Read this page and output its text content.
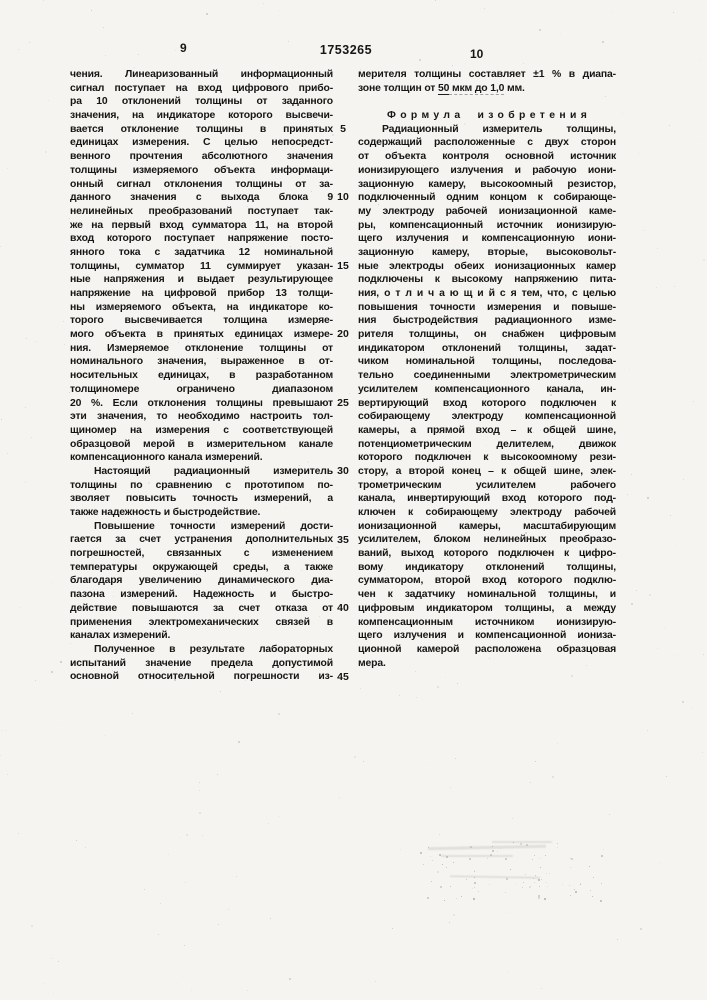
9	1753265	10
чения. Линеаризованный информационный
сигнал поступает на вход цифрового прибо-
ра 10 отклонений толщины от заданного
значения, на индикаторе которого высвечи-
вается отклонение толщины в принятых
единицах измерения. С целью непосредст-
венного прочтения абсолютного значения
толщины измеряемого объекта информаци-
онный сигнал отклонения толщины от за-
данного значения с выхода блока 9
нелинейных преобразований поступает так-
же на первый вход сумматора 11, на второй
вход которого поступает напряжение посто-
янного тока с задатчика 12 номинальной
толщины, сумматор 11 суммирует указан-
ные напряжения и выдает результирующее
напряжение на цифровой прибор 13 толщи-
ны измеряемого объекта, на индикаторе ко-
торого высвечивается толщина измеряе-
мого объекта в принятых единицах измере-
ния. Измеряемое отклонение толщины от
номинального значения, выраженное в от-
носительных единицах, в разработанном
толщиномере ограничено диапазоном
20 %. Если отклонения толщины превышают
эти значения, то необходимо настроить тол-
щиномер на измерения с соответствующей
образцовой мерой в измерительном канале
компенсационного канала измерений.
Настоящий радиационный измеритель
толщины по сравнению с прототипом по-
зволяет повысить точность измерений, а
также надежность и быстродействие.
Повышение точности измерений дости-
гается за счет устранения дополнительных
погрешностей, связанных с изменением
температуры окружающей среды, а также
благодаря увеличению динамического диа-
пазона измерений. Надежность и быстро-
действие повышаются за счет отказа от
применения электромеханических связей в
каналах измерений.
Полученное в результате лабораторных
испытаний значение предела допустимой
основной относительной погрешности из-
5
10
15
20
25
30
35
40
45
мерителя толщины составляет ±1 % в диапа-
зоне толщин от 50 мкм до 1,0 мм.
Формула изобретения
Радиационный измеритель толщины,
содержащий расположенные с двух сторон
от объекта контроля основной источник
ионизирующего излучения и рабочую иони-
зационную камеру, высокоомный резистор,
подключенный одним концом к собирающе-
му электроду рабочей ионизационной каме-
ры, компенсационный источник ионизирую-
щего излучения и компенсационную иони-
зационную камеру, вторые, высоковольт-
ные электроды обеих ионизационных камер
подключены к высокому напряжению пита-
ния, о т л и ч а ю щ и й с я тем, что, с целью
повышения точности измерения и повыше-
ния быстродействия радиационного изме-
рителя толщины, он снабжен цифровым
индикатором отклонений толщины, задат-
чиком номинальной толщины, последова-
тельно соединенными электрометрическим
усилителем компенсационного канала, ин-
вертирующий вход которого подключен к
собирающему электроду компенсационной
камеры, а прямой вход – к общей шине,
потенциометрическим делителем, движок
которого подключен к высокоомному рези-
стору, а второй конец – к общей шине, элек-
трометрическим усилителем рабочего
канала, инвертирующий вход которого под-
ключен к собирающему электроду рабочей
ионизационной камеры, масштабирующим
усилителем, блоком нелинейных преобразо-
ваний, выход которого подключен к цифро-
вому индикатору отклонений толщины,
сумматором, второй вход которого подклю-
чен к задатчику номинальной толщины, и
цифровым индикатором толщины, а между
компенсационным источником ионизирую-
щего излучения и компенсационной иониза-
ционной камерой расположена образцовая
мера.
